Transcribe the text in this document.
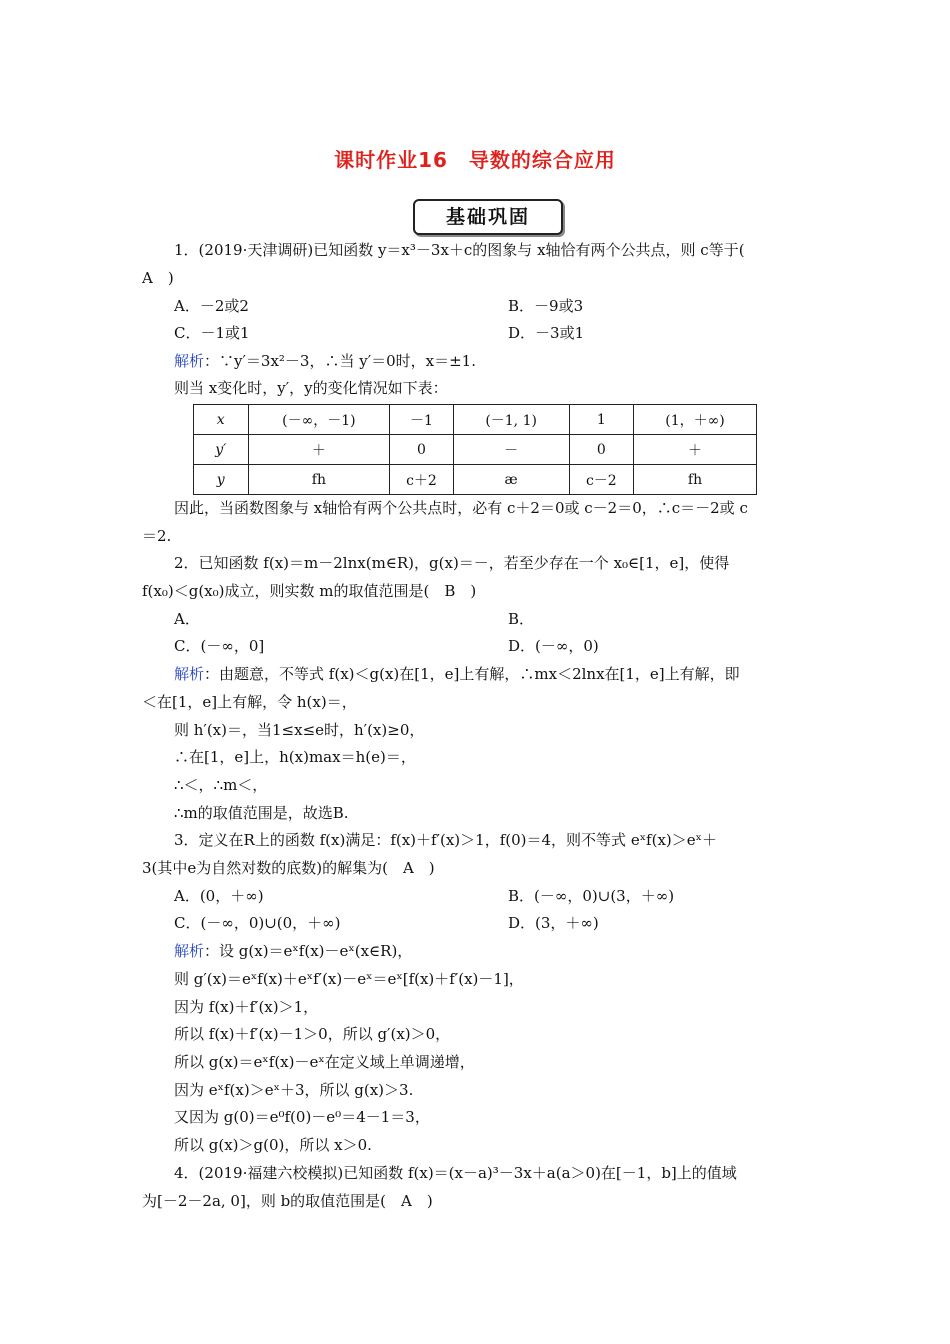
课时作业16　导数的综合应用
基础巩固
1．(2019·天津调研)已知函数 y＝x³－3x＋c的图象与 x轴恰有两个公共点，则 c等于(
A　)
A．－2或2	B．－9或3
C．－1或1	D．－3或1
解析：∵y′＝3x²－3，∴当 y′＝0时，x＝±1.
则当 x变化时，y′，y的变化情况如下表：
x	(－∞，－1)	－1	(－1, 1)	1	(1，＋∞)
y′	＋	0	－	0	＋
y	fh	c＋2	æ	c－2	fh
因此，当函数图象与 x轴恰有两个公共点时，必有 c＋2＝0或 c－2＝0，∴c＝－2或 c
＝2.
2．已知函数 f(x)＝m－2lnx(m∈R)，g(x)＝－，若至少存在一个 x₀∈[1，e]，使得
f(x₀)＜g(x₀)成立，则实数 m的取值范围是(　B　)
A．	B．
C．(－∞，0]	D．(－∞，0)
解析：由题意，不等式 f(x)＜g(x)在[1，e]上有解，∴mx＜2lnx在[1，e]上有解，即
＜在[1，e]上有解，令 h(x)＝，
则 h′(x)＝，当1≤x≤e时，h′(x)≥0，
∴在[1，e]上，h(x)max＝h(e)＝，
∴＜，∴m＜，
∴m的取值范围是，故选B.
3．定义在R上的函数 f(x)满足：f(x)＋f′(x)＞1，f(0)＝4，则不等式 eˣf(x)＞eˣ＋
3(其中e为自然对数的底数)的解集为(　A　)
A．(0，＋∞)	B．(－∞，0)∪(3，＋∞)
C．(－∞，0)∪(0，＋∞)	D．(3，＋∞)
解析：设 g(x)＝eˣf(x)－eˣ(x∈R)，
则 g′(x)＝eˣf(x)＋eˣf′(x)－eˣ＝eˣ[f(x)＋f′(x)－1]，
因为 f(x)＋f′(x)＞1，
所以 f(x)＋f′(x)－1＞0，所以 g′(x)＞0，
所以 g(x)＝eˣf(x)－eˣ在定义域上单调递增，
因为 eˣf(x)＞eˣ＋3，所以 g(x)＞3.
又因为 g(0)＝e⁰f(0)－e⁰＝4－1＝3，
所以 g(x)＞g(0)，所以 x＞0.
4．(2019·福建六校模拟)已知函数 f(x)＝(x－a)³－3x＋a(a＞0)在[－1，b]上的值域
为[－2－2a, 0]，则 b的取值范围是(　A　)
